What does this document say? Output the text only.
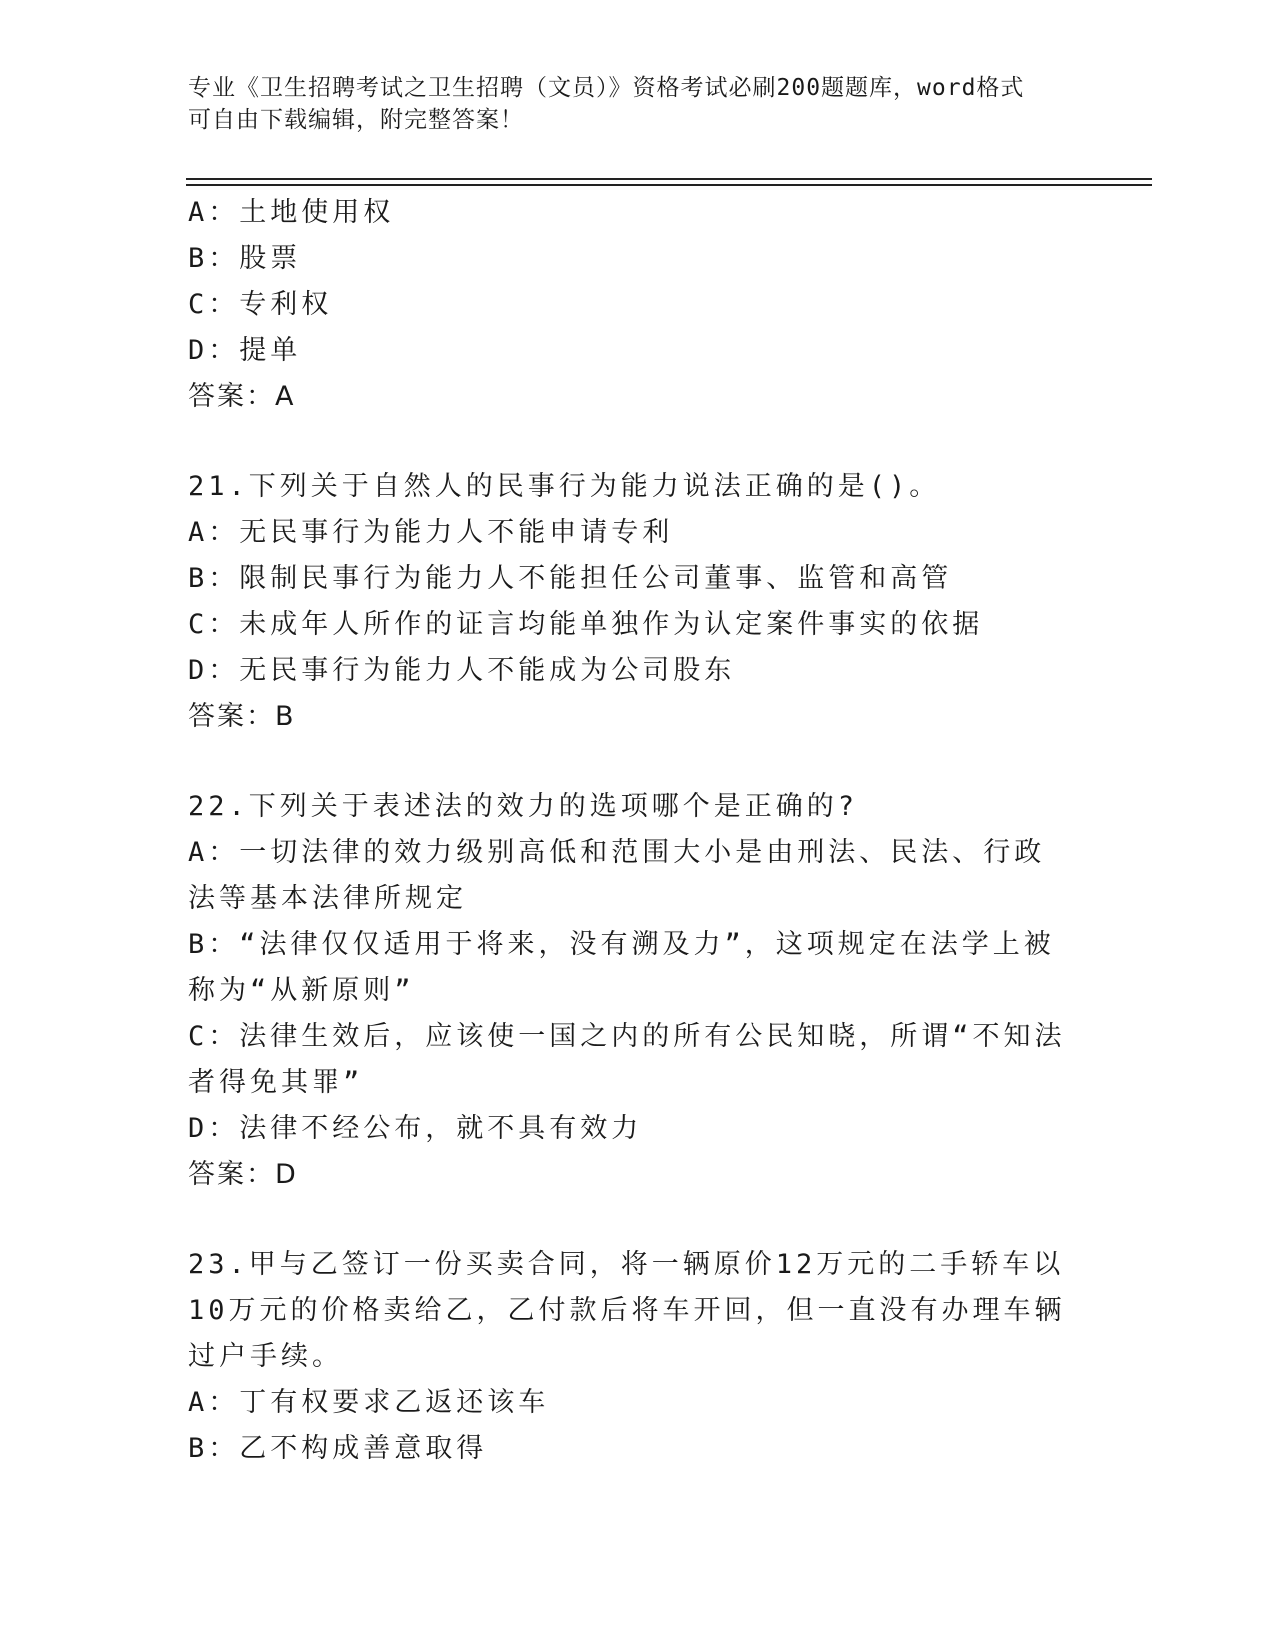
专业《卫生招聘考试之卫生招聘（文员）》资格考试必刷200题题库，word格式
可自由下载编辑，附完整答案！
A：土地使用权
B：股票
C：专利权
D：提单
答案：A
21.下列关于自然人的民事行为能力说法正确的是()。
A：无民事行为能力人不能申请专利
B：限制民事行为能力人不能担任公司董事、监管和高管
C：未成年人所作的证言均能单独作为认定案件事实的依据
D：无民事行为能力人不能成为公司股东
答案：B
22.下列关于表述法的效力的选项哪个是正确的?
A：一切法律的效力级别高低和范围大小是由刑法、民法、行政法等基本法律所规定
B：“法律仅仅适用于将来，没有溯及力”，这项规定在法学上被称为“从新原则”
C：法律生效后，应该使一国之内的所有公民知晓，所谓“不知法者得免其罪”
D：法律不经公布，就不具有效力
答案：D
23.甲与乙签订一份买卖合同，将一辆原价12万元的二手轿车以10万元的价格卖给乙，乙付款后将车开回，但一直没有办理车辆过户手续。
A：丁有权要求乙返还该车
B：乙不构成善意取得
